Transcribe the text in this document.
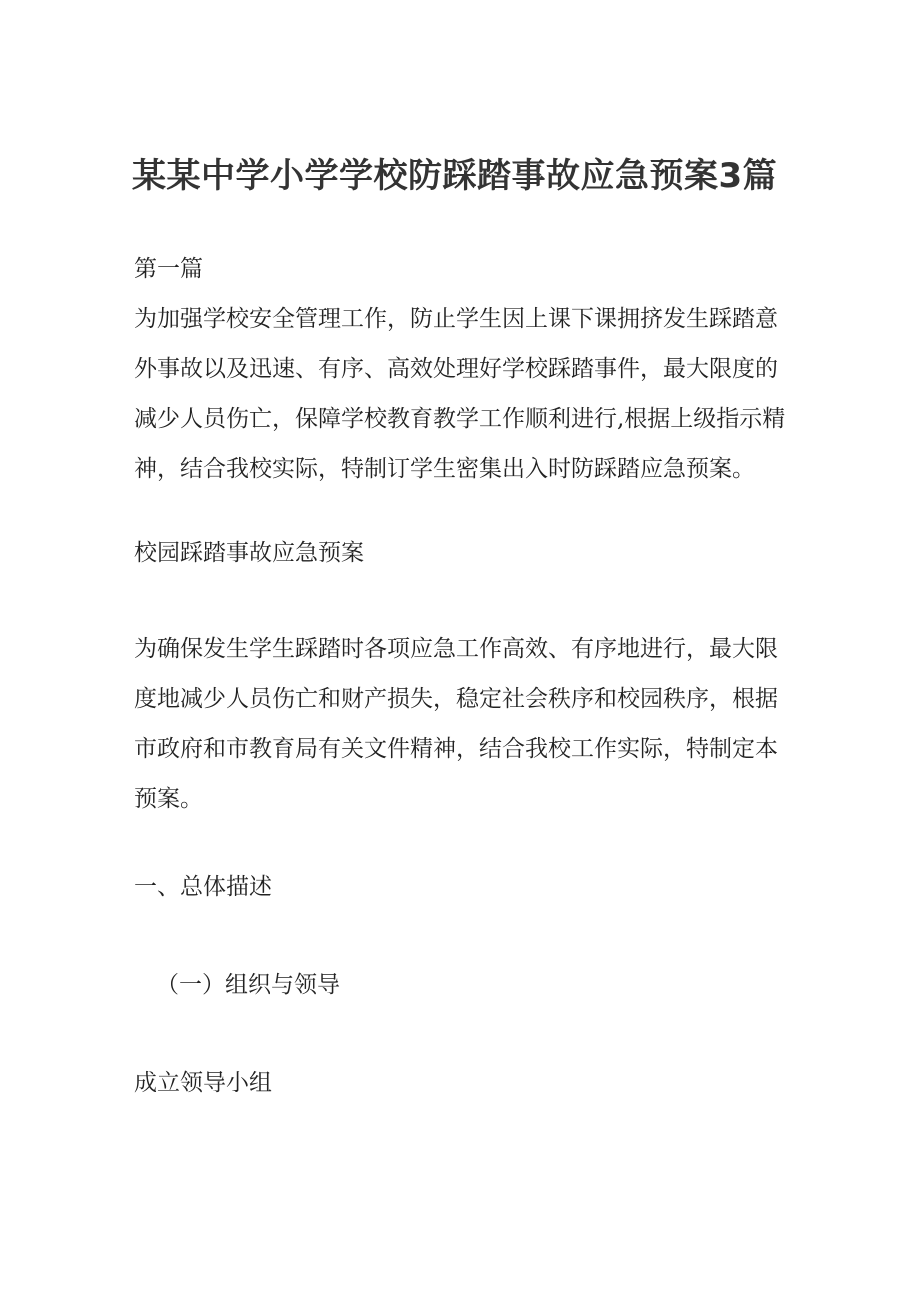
某某中学小学学校防踩踏事故应急预案3篇

第一篇

为加强学校安全管理工作，防止学生因上课下课拥挤发生踩踏意
外事故以及迅速、有序、高效处理好学校踩踏事件，最大限度的
减少人员伤亡，保障学校教育教学工作顺利进行,根据上级指示精
神，结合我校实际，特制订学生密集出入时防踩踏应急预案。

校园踩踏事故应急预案

为确保发生学生踩踏时各项应急工作高效、有序地进行，最大限
度地减少人员伤亡和财产损失，稳定社会秩序和校园秩序，根据
市政府和市教育局有关文件精神，结合我校工作实际，特制定本
预案。

一、总体描述

（一）组织与领导

成立领导小组
